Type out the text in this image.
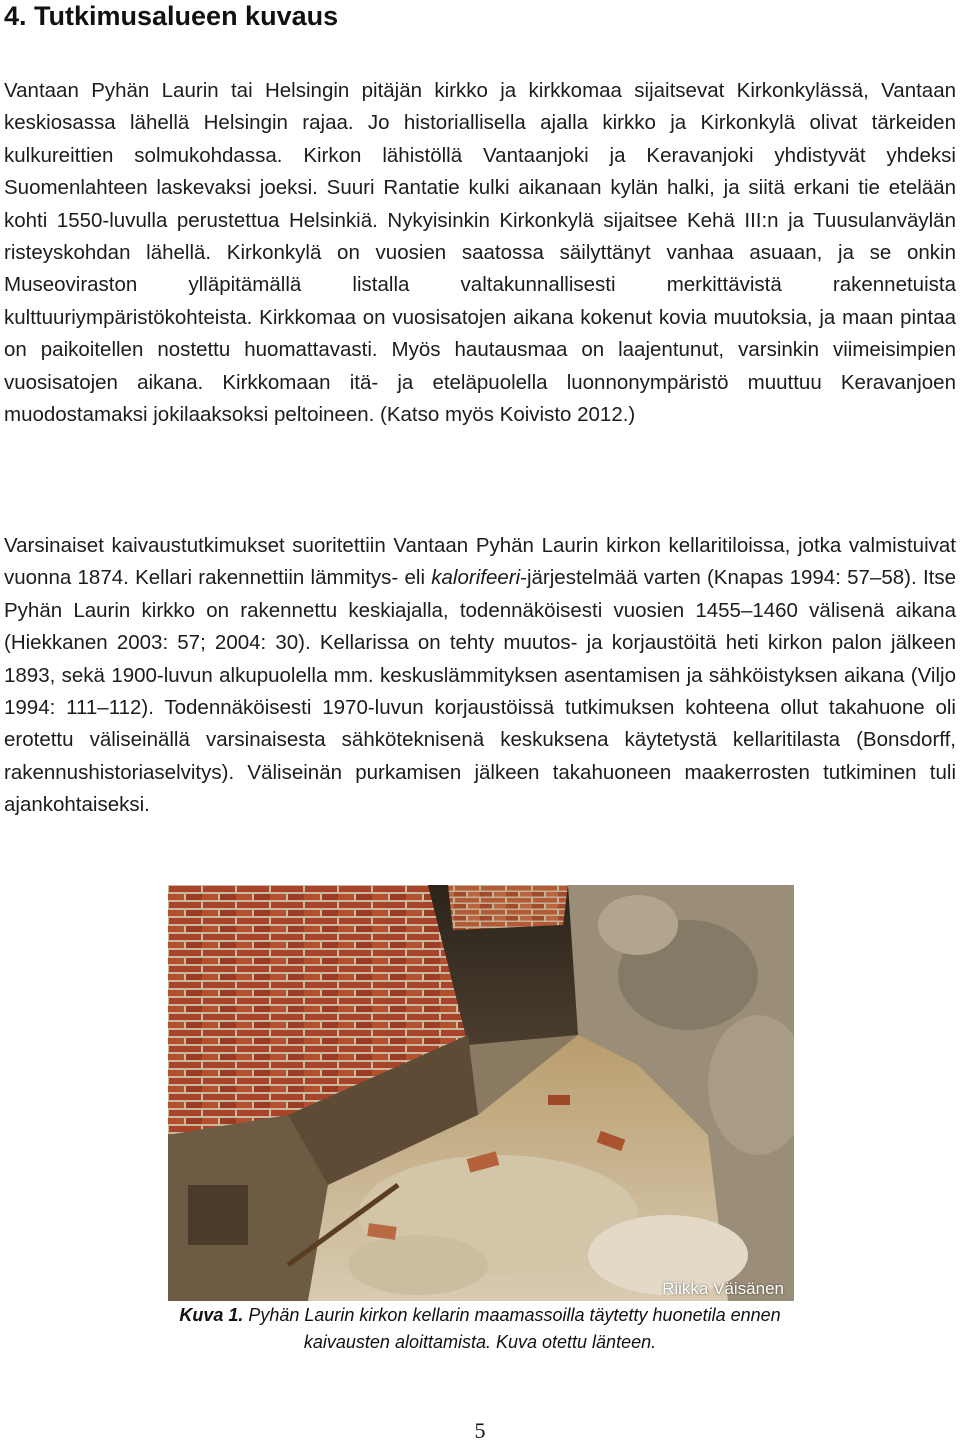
4. Tutkimusalueen kuvaus

Vantaan Pyhän Laurin tai Helsingin pitäjän kirkko ja kirkkomaa sijaitsevat Kirkonkylässä, Vantaan keskiosassa lähellä Helsingin rajaa. Jo historiallisella ajalla kirkko ja Kirkonkylä olivat tärkeiden kulkureittien solmukohdassa. Kirkon lähistöllä Vantaanjoki ja Keravanjoki yhdistyvät yhdeksi Suomenlahteen laskevaksi joeksi. Suuri Rantatie kulki aikanaan kylän halki, ja siitä erkani tie etelään kohti 1550-luvulla perustettua Helsinkiä. Nykyisinkin Kirkonkylä sijaitsee Kehä III:n ja Tuusulanväylän risteyskohdan lähellä. Kirkonkylä on vuosien saatossa säilyttänyt vanhaa asuaan, ja se onkin Museoviraston ylläpitämällä listalla valtakunnallisesti merkittävistä rakennetuista kulttuuriympäristökohteista. Kirkkomaa on vuosisatojen aikana kokenut kovia muutoksia, ja maan pintaa on paikoitellen nostettu huomattavasti. Myös hautausmaa on laajentunut, varsinkin viimeisimpien vuosisatojen aikana. Kirkkomaan itä- ja eteläpuolella luonnonympäristö muuttuu Keravanjoen muodostamaksi jokilaaksoksi peltoineen. (Katso myös Koivisto 2012.)

Varsinaiset kaivaustutkimukset suoritettiin Vantaan Pyhän Laurin kirkon kellaritiloissa, jotka valmistuivat vuonna 1874. Kellari rakennettiin lämmitys- eli kalorifeeri-järjestelmää varten (Knapas 1994: 57–58). Itse Pyhän Laurin kirkko on rakennettu keskiajalla, todennäköisesti vuosien 1455–1460 välisenä aikana (Hiekkanen 2003: 57; 2004: 30). Kellarissa on tehty muutos- ja korjaustöitä heti kirkon palon jälkeen 1893, sekä 1900-luvun alkupuolella mm. keskuslämmityksen asentamisen ja sähköistyksen aikana (Viljo 1994: 111–112). Todennäköisesti 1970-luvun korjaustöissä tutkimuksen kohteena ollut takahuone oli erotettu väliseinällä varsinaisesta sähköteknisenä keskuksena käytetystä kellaritilasta (Bonsdorff, rakennushistoriaselvitys). Väliseinän purkamisen jälkeen takahuoneen maakerrosten tutkiminen tuli ajankohtaiseksi.

Riikka Väisänen

Kuva 1. Pyhän Laurin kirkon kellarin maamassoilla täytetty huonetila ennen kaivausten aloittamista. Kuva otettu länteen.

5
